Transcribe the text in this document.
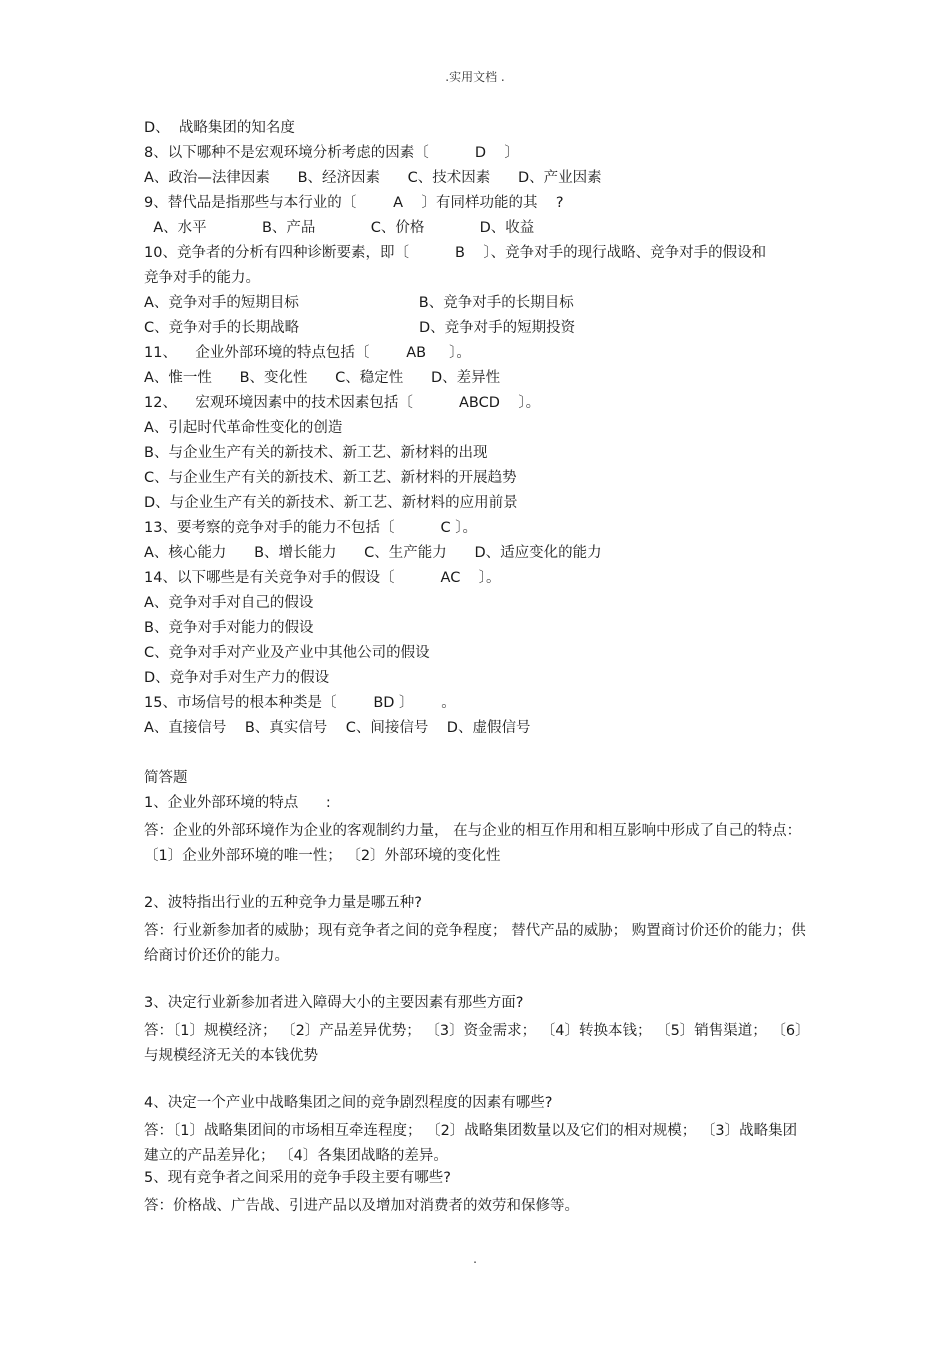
.实用文档 .
D、  战略集团的知名度
8、以下哪种不是宏观环境分析考虑的因素〔          D    〕
A、政治—法律因素      B、经济因素      C、技术因素      D、产业因素
9、替代品是指那些与本行业的〔        A    〕有同样功能的其    ?
A、水平            B、产品            C、价格            D、收益
10、竞争者的分析有四种诊断要素，即〔          B    〕、竞争对手的现行战略、竞争对手的假设和
竞争对手的能力。
A、竞争对手的短期目标                          B、竞争对手的长期目标
C、竞争对手的长期战略                          D、竞争对手的短期投资
11、    企业外部环境的特点包括〔        AB     〕。
A、惟一性      B、变化性      C、稳定性      D、差异性
12、    宏观环境因素中的技术因素包括〔          ABCD    〕。
A、引起时代革命性变化的创造
B、与企业生产有关的新技术、新工艺、新材料的出现
C、与企业生产有关的新技术、新工艺、新材料的开展趋势
D、与企业生产有关的新技术、新工艺、新材料的应用前景
13、要考察的竞争对手的能力不包括〔          C 〕。
A、核心能力      B、增长能力      C、生产能力      D、适应变化的能力
14、以下哪些是有关竞争对手的假设〔          AC    〕。
A、竞争对手对自己的假设
B、竞争对手对能力的假设
C、竞争对手对产业及产业中其他公司的假设
D、竞争对手对生产力的假设
15、市场信号的根本种类是〔        BD 〕      。
A、直接信号    B、真实信号    C、间接信号    D、虚假信号
简答题
1、企业外部环境的特点      :
答：企业的外部环境作为企业的客观制约力量， 在与企业的相互作用和相互影响中形成了自己的特点：〔1〕企业外部环境的唯一性； 〔2〕外部环境的变化性
2、波特指出行业的五种竞争力量是哪五种?
答：行业新参加者的威胁；现有竞争者之间的竞争程度； 替代产品的威胁； 购置商讨价还价的能力；供给商讨价还价的能力。
3、决定行业新参加者进入障碍大小的主要因素有那些方面?
答：〔1〕规模经济； 〔2〕产品差异优势； 〔3〕资金需求； 〔4〕转换本钱； 〔5〕销售渠道； 〔6〕与规模经济无关的本钱优势
4、决定一个产业中战略集团之间的竞争剧烈程度的因素有哪些?
答：〔1〕战略集团间的市场相互牵连程度； 〔2〕战略集团数量以及它们的相对规模； 〔3〕战略集团建立的产品差异化； 〔4〕各集团战略的差异。
5、现有竞争者之间采用的竞争手段主要有哪些?
答：价格战、广告战、引进产品以及增加对消费者的效劳和保修等。
.
